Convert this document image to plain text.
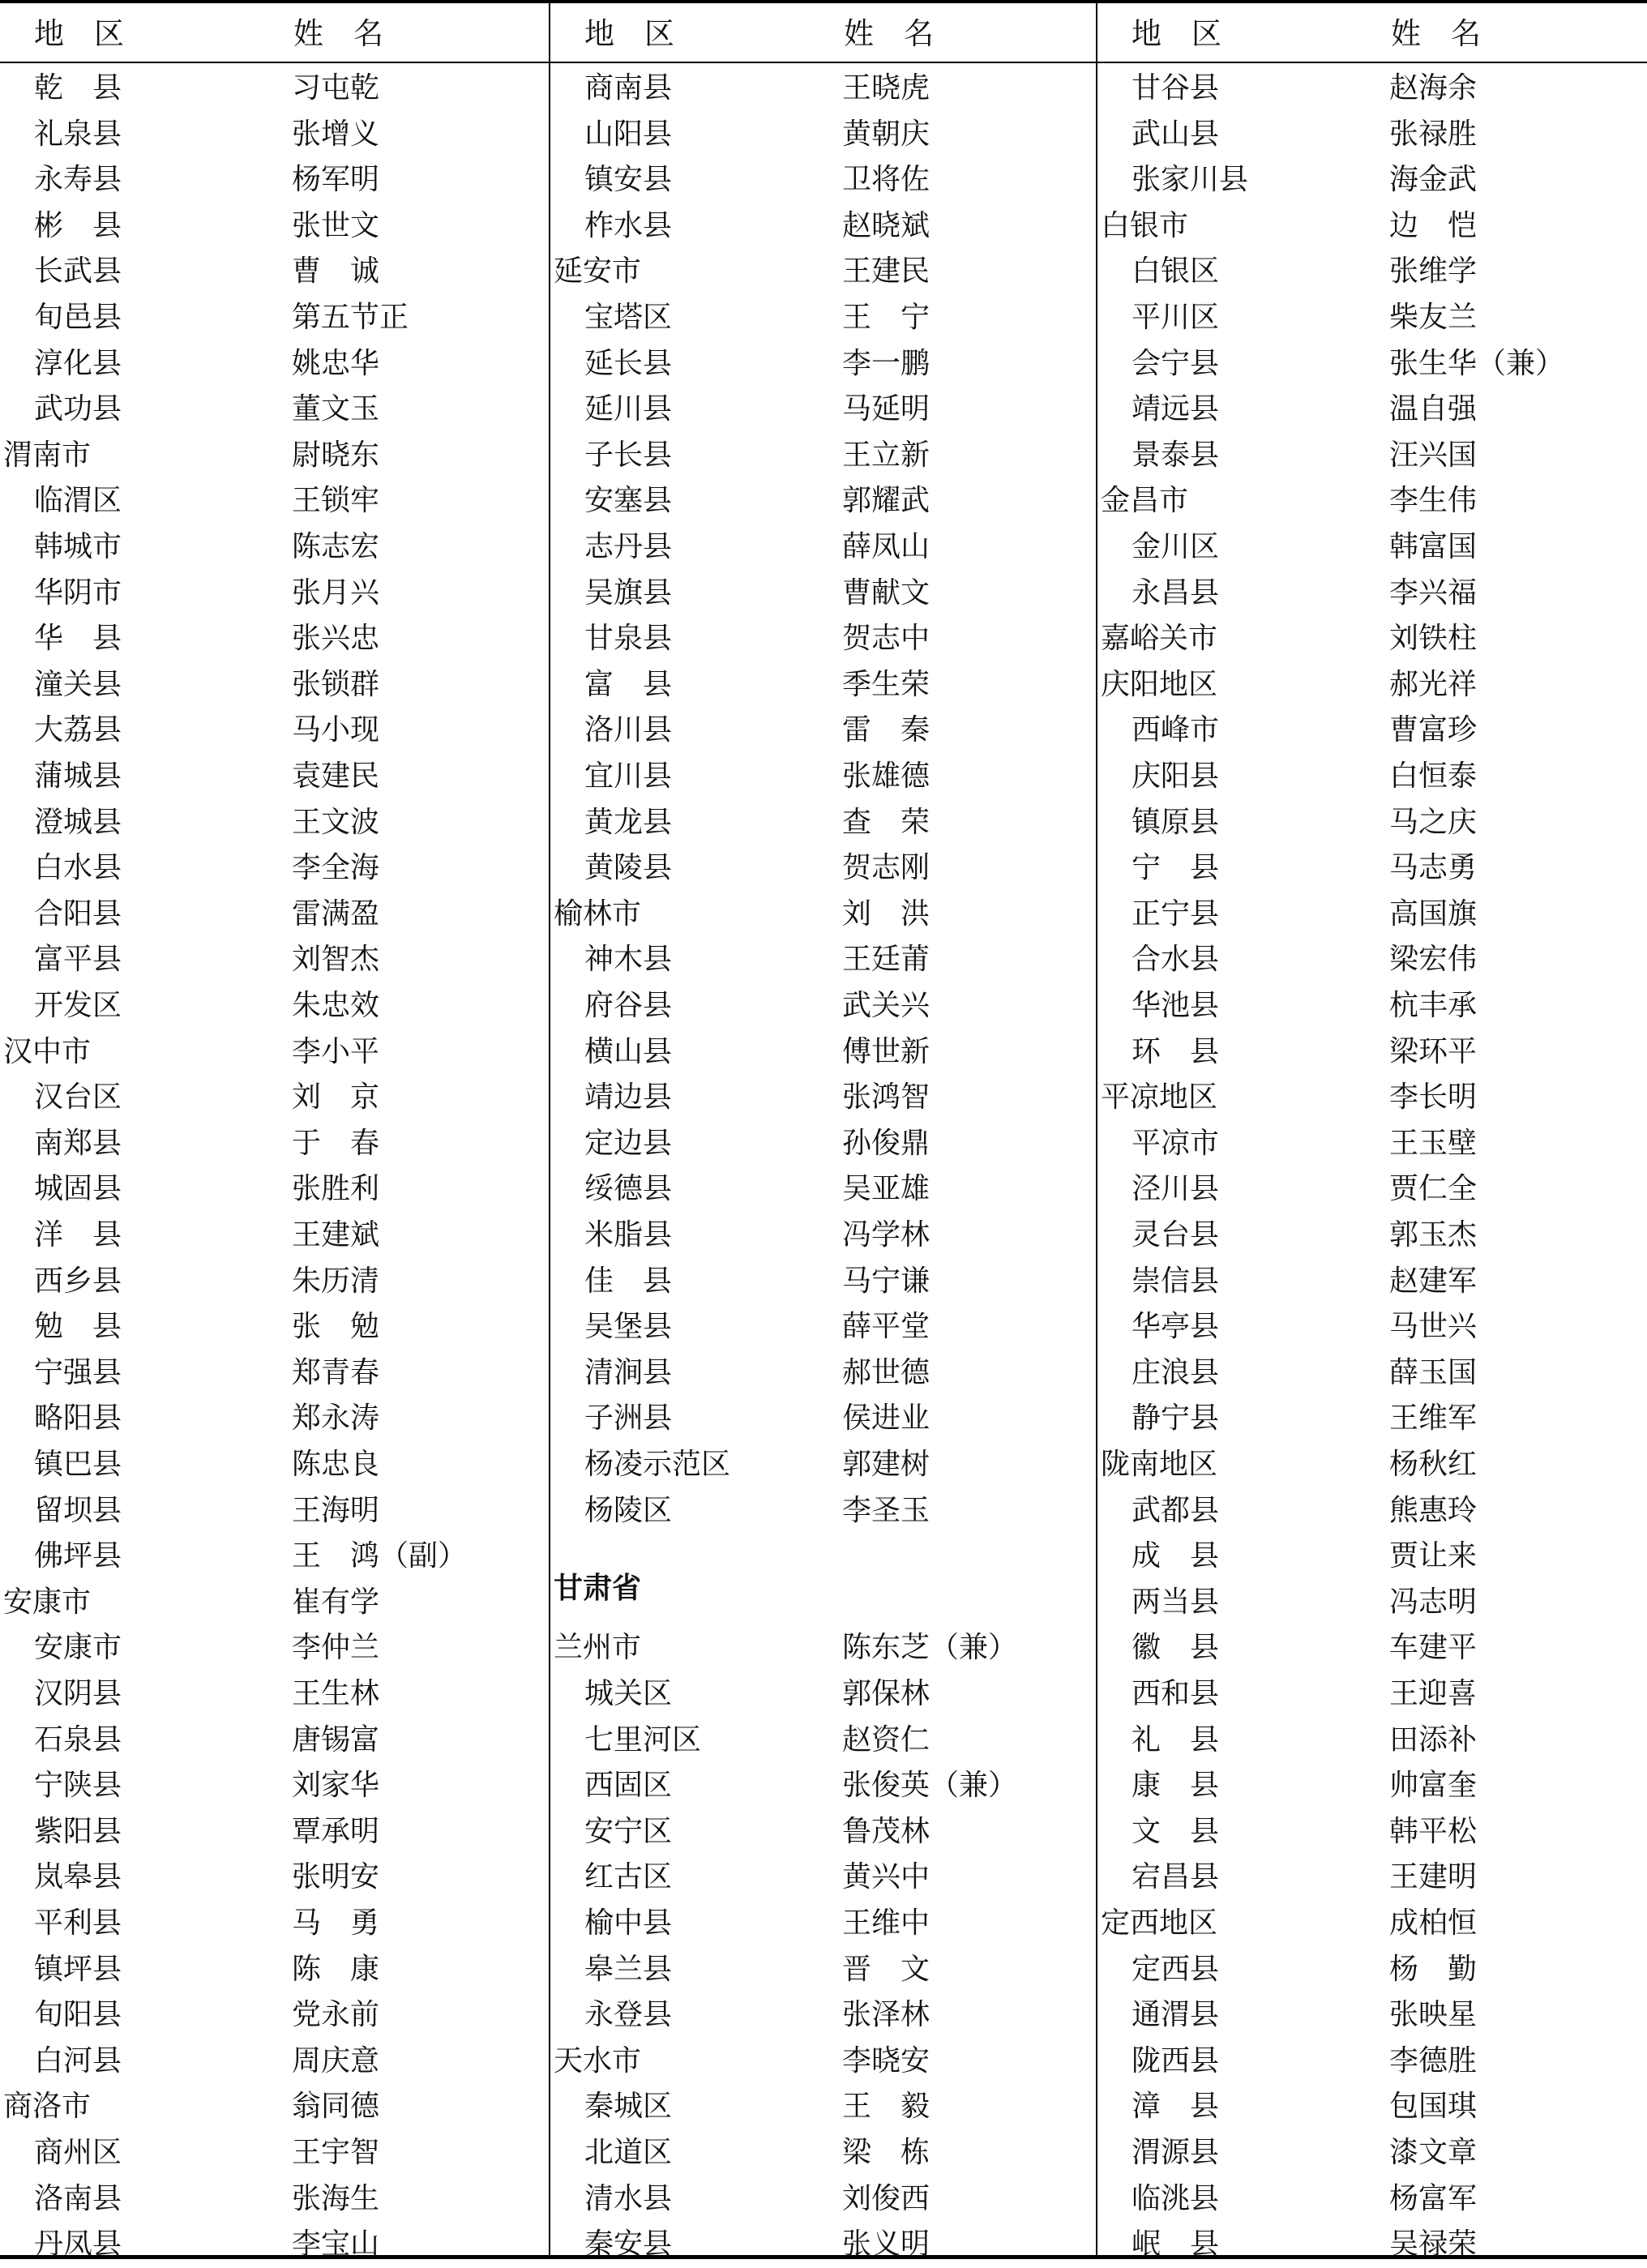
地　区	姓　名
乾　县	习屯乾
礼泉县	张增义
永寿县	杨军明
彬　县	张世文
长武县	曹　诚
旬邑县	第五节正
淳化县	姚忠华
武功县	董文玉
渭南市	尉晓东
临渭区	王锁牢
韩城市	陈志宏
华阴市	张月兴
华　县	张兴忠
潼关县	张锁群
大荔县	马小现
蒲城县	袁建民
澄城县	王文波
白水县	李全海
合阳县	雷满盈
富平县	刘智杰
开发区	朱忠效
汉中市	李小平
汉台区	刘　京
南郑县	于　春
城固县	张胜利
洋　县	王建斌
西乡县	朱历清
勉　县	张　勉
宁强县	郑青春
略阳县	郑永涛
镇巴县	陈忠良
留坝县	王海明
佛坪县	王　鸿（副）
安康市	崔有学
安康市	李仲兰
汉阴县	王生林
石泉县	唐锡富
宁陕县	刘家华
紫阳县	覃承明
岚皋县	张明安
平利县	马　勇
镇坪县	陈　康
旬阳县	党永前
白河县	周庆意
商洛市	翁同德
商州区	王宇智
洛南县	张海生
丹凤县	李宝山
地　区	姓　名
商南县	王晓虎
山阳县	黄朝庆
镇安县	卫将佐
柞水县	赵晓斌
延安市	王建民
宝塔区	王　宁
延长县	李一鹏
延川县	马延明
子长县	王立新
安塞县	郭耀武
志丹县	薛凤山
吴旗县	曹献文
甘泉县	贺志中
富　县	季生荣
洛川县	雷　秦
宜川县	张雄德
黄龙县	查　荣
黄陵县	贺志刚
榆林市	刘　洪
神木县	王廷莆
府谷县	武关兴
横山县	傅世新
靖边县	张鸿智
定边县	孙俊鼎
绥德县	吴亚雄
米脂县	冯学林
佳　县	马宁谦
吴堡县	薛平堂
清涧县	郝世德
子洲县	侯进业
杨凌示范区	郭建树
杨陵区	李圣玉
甘肃省
兰州市	陈东芝（兼）
城关区	郭保林
七里河区	赵资仁
西固区	张俊英（兼）
安宁区	鲁茂林
红古区	黄兴中
榆中县	王维中
皋兰县	晋　文
永登县	张泽林
天水市	李晓安
秦城区	王　毅
北道区	梁　栋
清水县	刘俊西
秦安县	张义明
地　区	姓　名
甘谷县	赵海余
武山县	张禄胜
张家川县	海金武
白银市	边　恺
白银区	张维学
平川区	柴友兰
会宁县	张生华（兼）
靖远县	温自强
景泰县	汪兴国
金昌市	李生伟
金川区	韩富国
永昌县	李兴福
嘉峪关市	刘铁柱
庆阳地区	郝光祥
西峰市	曹富珍
庆阳县	白恒泰
镇原县	马之庆
宁　县	马志勇
正宁县	高国旗
合水县	梁宏伟
华池县	杭丰承
环　县	梁环平
平凉地区	李长明
平凉市	王玉壁
泾川县	贾仁全
灵台县	郭玉杰
崇信县	赵建军
华亭县	马世兴
庄浪县	薛玉国
静宁县	王维军
陇南地区	杨秋红
武都县	熊惠玲
成　县	贾让来
两当县	冯志明
徽　县	车建平
西和县	王迎喜
礼　县	田添补
康　县	帅富奎
文　县	韩平松
宕昌县	王建明
定西地区	成柏恒
定西县	杨　勤
通渭县	张映星
陇西县	李德胜
漳　县	包国琪
渭源县	漆文章
临洮县	杨富军
岷　县	吴禄荣
